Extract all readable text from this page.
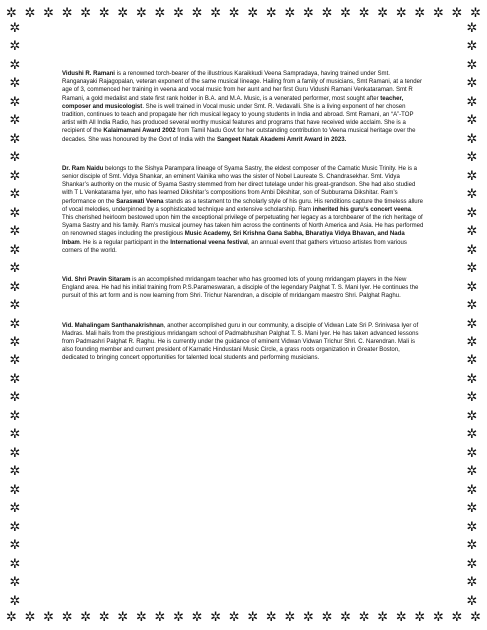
✲ ✲ ✲ ✲ ✲ ✲ ✲ ✲ ✲ ✲ ✲ ✲ ✲ ✲ ✲ ✲ ✲ ✲ ✲ ✲ ✲ ✲ ✲ ✲ ✲ ✲
✲ ✲ ✲ ✲ ✲ ✲ ✲ ✲ ✲ ✲ ✲ ✲ ✲ ✲ ✲ ✲ ✲ ✲ ✲ ✲ ✲ ✲ ✲ ✲ ✲ ✲
✲
✲
✲
✲
✲
✲
✲
✲
✲
✲
✲
✲
✲
✲
✲
✲
✲
✲
✲
✲
✲
✲
✲
✲
✲
✲
✲
✲
✲
✲
✲
✲
✲
✲
✲
✲
✲
✲
✲
✲
✲
✲
✲
✲
✲
✲
✲
✲
✲
✲
✲
✲
✲
✲
✲
✲
✲
✲
✲
✲
✲
✲
✲
✲

Vidushi R. Ramani is a renowned torch-bearer of the illustrious Karaikkudi Veena Sampradaya, having trained under Smt. Ranganayaki Rajagopalan, veteran exponent of the same musical lineage. Hailing from a family of musicians, Smt Ramani, at a tender age of 3, commenced her training in veena and vocal music from her aunt and her first Guru Vidushi Ramani Venkataraman. Smt R Ramani, a gold medalist and state first rank holder in B.A. and M.A. Music, is a venerated performer, most sought after teacher, composer and musicologist. She is well trained in Vocal music under Smt. R. Vedavalli. She is a living exponent of her chosen tradition, continues to teach and propagate her rich musical legacy to young students in India and abroad. Smt Ramani, an “A”-TOP artist with All India Radio, has produced several worthy musical features and programs that have received wide acclaim. She is a recipient of the Kalaimamani Award 2002 from Tamil Nadu Govt for her outstanding contribution to Veena musical heritage over the decades. She was honoured by the Govt of India with the Sangeet Natak Akademi Amrit Award in 2023.

Dr. Ram Naidu belongs to the Sishya Parampara lineage of Syama Sastry, the eldest composer of the Carnatic Music Trinity. He is a senior disciple of Smt. Vidya Shankar, an eminent Vainika who was the sister of Nobel Laureate S. Chandrasekhar. Smt. Vidya Shankar’s authority on the music of Syama Sastry stemmed from her direct tutelage under his great-grandson. She had also studied with T L Venkatarama Iyer, who has learned Dikshitar’s compositions from Ambi Dikshitar, son of Subburama Dikshitar. Ram’s performance on the Saraswati Veena stands as a testament to the scholarly style of his guru. His renditions capture the timeless allure of vocal melodies, underpinned by a sophisticated technique and extensive scholarship. Ram inherited his guru’s concert veena. This cherished heirloom bestowed upon him the exceptional privilege of perpetuating her legacy as a torchbearer of the rich heritage of Syama Sastry and his family. Ram’s musical journey has taken him across the continents of North America and Asia. He has performed on renowned stages including the prestigious Music Academy, Sri Krishna Gana Sabha, Bharatiya Vidya Bhavan, and Nada Inbam. He is a regular participant in the International veena festival, an annual event that gathers virtuoso artistes from various corners of the world.

Vid. Shri Pravin Sitaram is an accomplished mridangam teacher who has groomed lots of young mridangam players in the New England area. He had his initial training from P.S.Parameswaran, a disciple of the legendary Palghat T. S. Mani Iyer. He continues the pursuit of this art form and is now learning from Shri. Trichur Narendran, a disciple of mridangam maestro Shri. Palghat Raghu.

Vid. Mahalingam Santhanakrishnan, another accomplished guru in our community, a disciple of Vidwan Late Sri P. Srinivasa Iyer of Madras. Mali hails from the prestigious mridangam school of Padmabhushan Palghat T. S. Mani Iyer. He has taken advanced lessons from Padmashri Palghat R. Raghu. He is currently under the guidance of eminent Vidwan Vidwan Trichur Shri. C. Narendran. Mali is also founding member and current president of Karnatic Hindustani Music Circle, a grass roots organization in Greater Boston, dedicated to bringing concert opportunities for talented local students and performing musicians.
